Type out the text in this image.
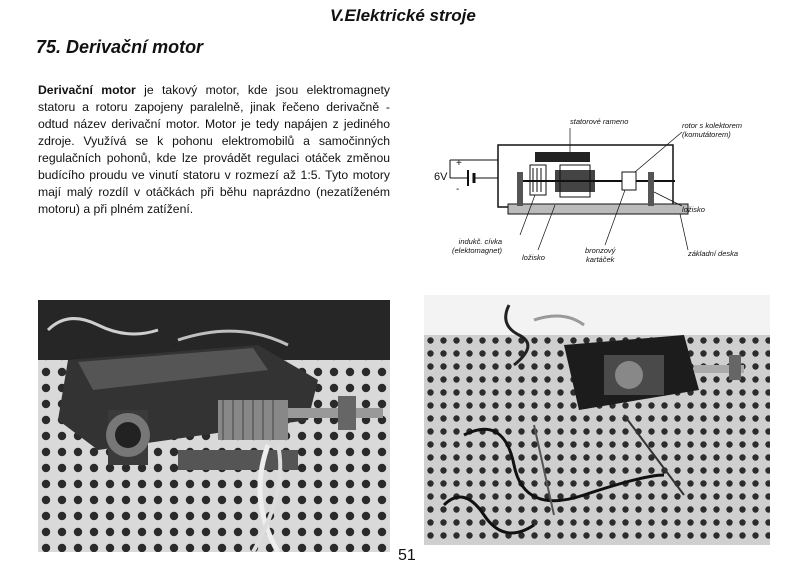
V.Elektrické stroje
75. Derivační motor
Derivační motor je takový motor, kde jsou elektromagnety statoru a rotoru zapojeny paralelně, jinak řečeno derivačně - odtud název derivační motor. Motor je tedy napájen z jediného zdroje. Využívá se k pohonu elektromobilů a samočinných regulačních pohonů, kde lze provádět regulaci otáček změnou budícího proudu ve vinutí statoru v rozmezí až 1:5. Tyto motory mají malý rozdíl v otáčkách při běhu naprázdno (nezatíženém motoru) a při plném zatížení.
statorové rameno	rotor s kolektorem
(komutátorem)
6V
+
-
ložisko
základní deska
indukč. cívka
(elektomagnet)
ložisko
bronzový
kartáček
51
